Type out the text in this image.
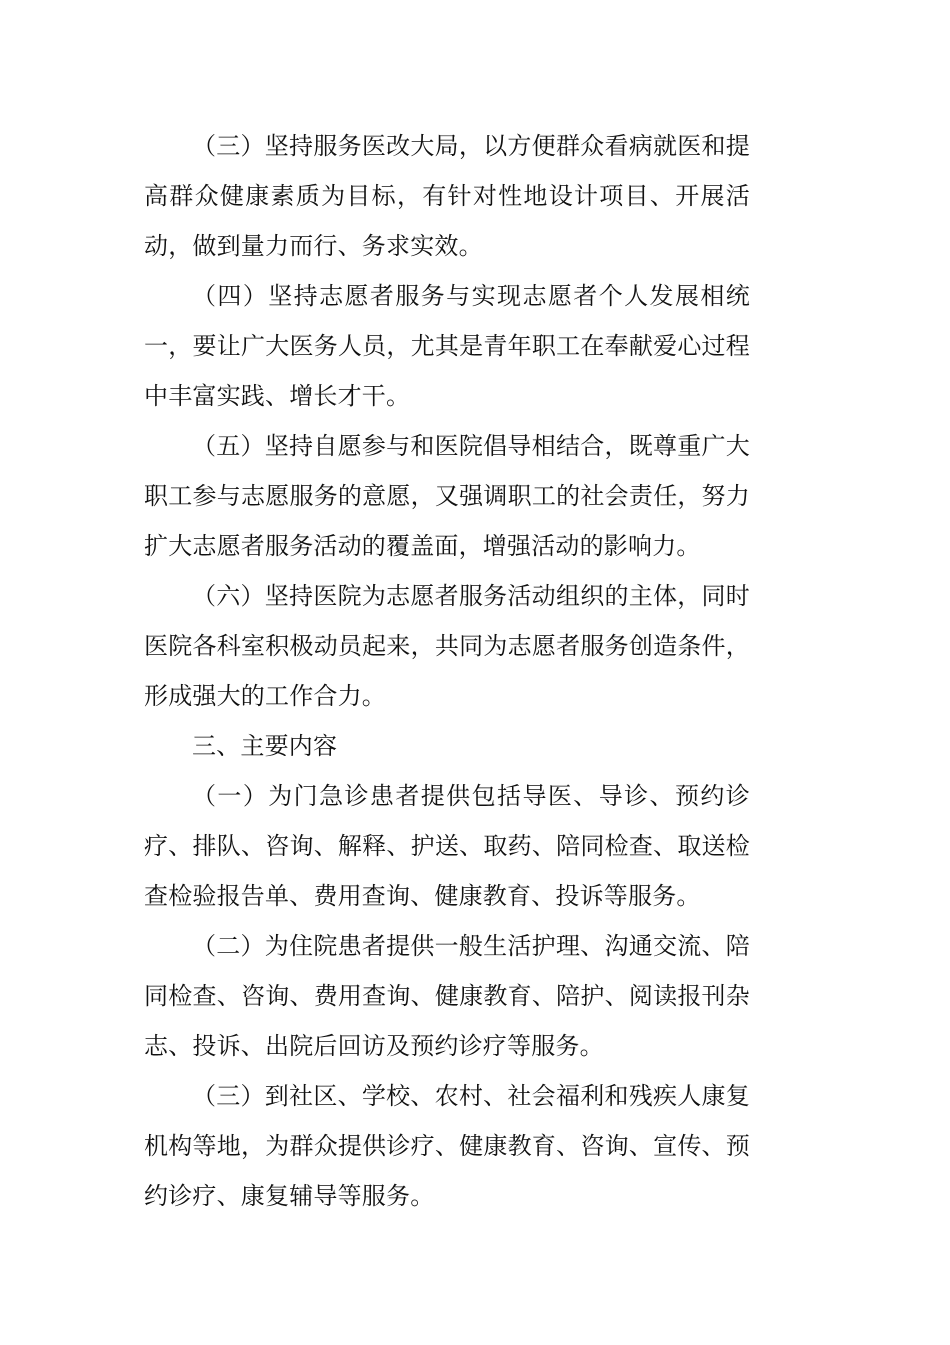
（三）坚持服务医改大局，以方便群众看病就医和提高群众健康素质为目标，有针对性地设计项目、开展活动，做到量力而行、务求实效。

（四）坚持志愿者服务与实现志愿者个人发展相统一，要让广大医务人员，尤其是青年职工在奉献爱心过程中丰富实践、增长才干。

（五）坚持自愿参与和医院倡导相结合，既尊重广大职工参与志愿服务的意愿，又强调职工的社会责任，努力扩大志愿者服务活动的覆盖面，增强活动的影响力。

（六）坚持医院为志愿者服务活动组织的主体，同时医院各科室积极动员起来，共同为志愿者服务创造条件，形成强大的工作合力。

三、主要内容

（一）为门急诊患者提供包括导医、导诊、预约诊疗、排队、咨询、解释、护送、取药、陪同检查、取送检查检验报告单、费用查询、健康教育、投诉等服务。

（二）为住院患者提供一般生活护理、沟通交流、陪同检查、咨询、费用查询、健康教育、陪护、阅读报刊杂志、投诉、出院后回访及预约诊疗等服务。

（三）到社区、学校、农村、社会福利和残疾人康复机构等地，为群众提供诊疗、健康教育、咨询、宣传、预约诊疗、康复辅导等服务。
